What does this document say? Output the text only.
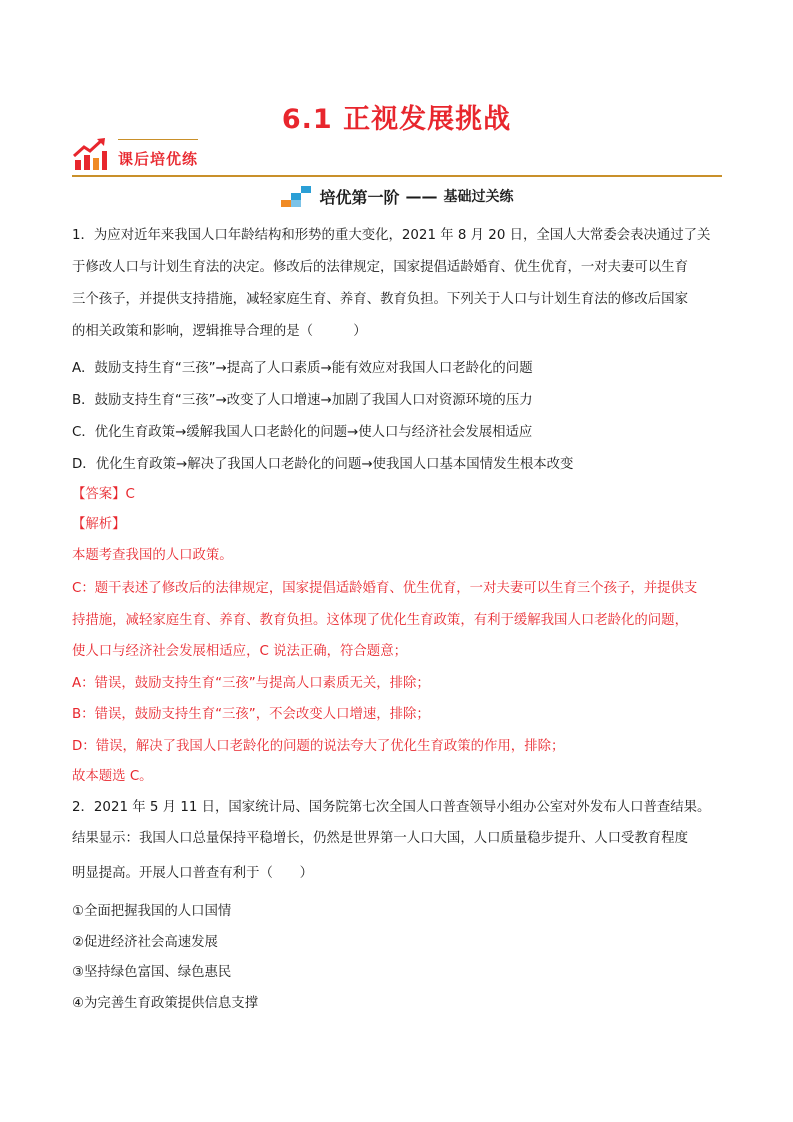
6.1 正视发展挑战
课后培优练
培优第一阶 —— 基础过关练
1．为应对近年来我国人口年龄结构和形势的重大变化，2021 年 8 月 20 日，全国人大常委会表决通过了关
于修改人口与计划生育法的决定。修改后的法律规定，国家提倡适龄婚育、优生优育，一对夫妻可以生育
三个孩子，并提供支持措施，减轻家庭生育、养育、教育负担。下列关于人口与计划生育法的修改后国家
的相关政策和影响，逻辑推导合理的是（　　　）
A．鼓励支持生育“三孩”→提高了人口素质→能有效应对我国人口老龄化的问题
B．鼓励支持生育“三孩”→改变了人口增速→加剧了我国人口对资源环境的压力
C．优化生育政策→缓解我国人口老龄化的问题→使人口与经济社会发展相适应
D．优化生育政策→解决了我国人口老龄化的问题→使我国人口基本国情发生根本改变
【答案】C
【解析】
本题考查我国的人口政策。
C：题干表述了修改后的法律规定，国家提倡适龄婚育、优生优育，一对夫妻可以生育三个孩子，并提供支
持措施，减轻家庭生育、养育、教育负担。这体现了优化生育政策，有利于缓解我国人口老龄化的问题，
使人口与经济社会发展相适应，C 说法正确，符合题意；
A：错误，鼓励支持生育“三孩”与提高人口素质无关，排除；
B：错误，鼓励支持生育“三孩”，不会改变人口增速，排除；
D：错误，解决了我国人口老龄化的问题的说法夸大了优化生育政策的作用，排除；
故本题选 C。
2．2021 年 5 月 11 日，国家统计局、国务院第七次全国人口普查领导小组办公室对外发布人口普查结果。
结果显示：我国人口总量保持平稳增长，仍然是世界第一人口大国，人口质量稳步提升、人口受教育程度
明显提高。开展人口普查有利于（　　）
①全面把握我国的人口国情
②促进经济社会高速发展
③坚持绿色富国、绿色惠民
④为完善生育政策提供信息支撑
